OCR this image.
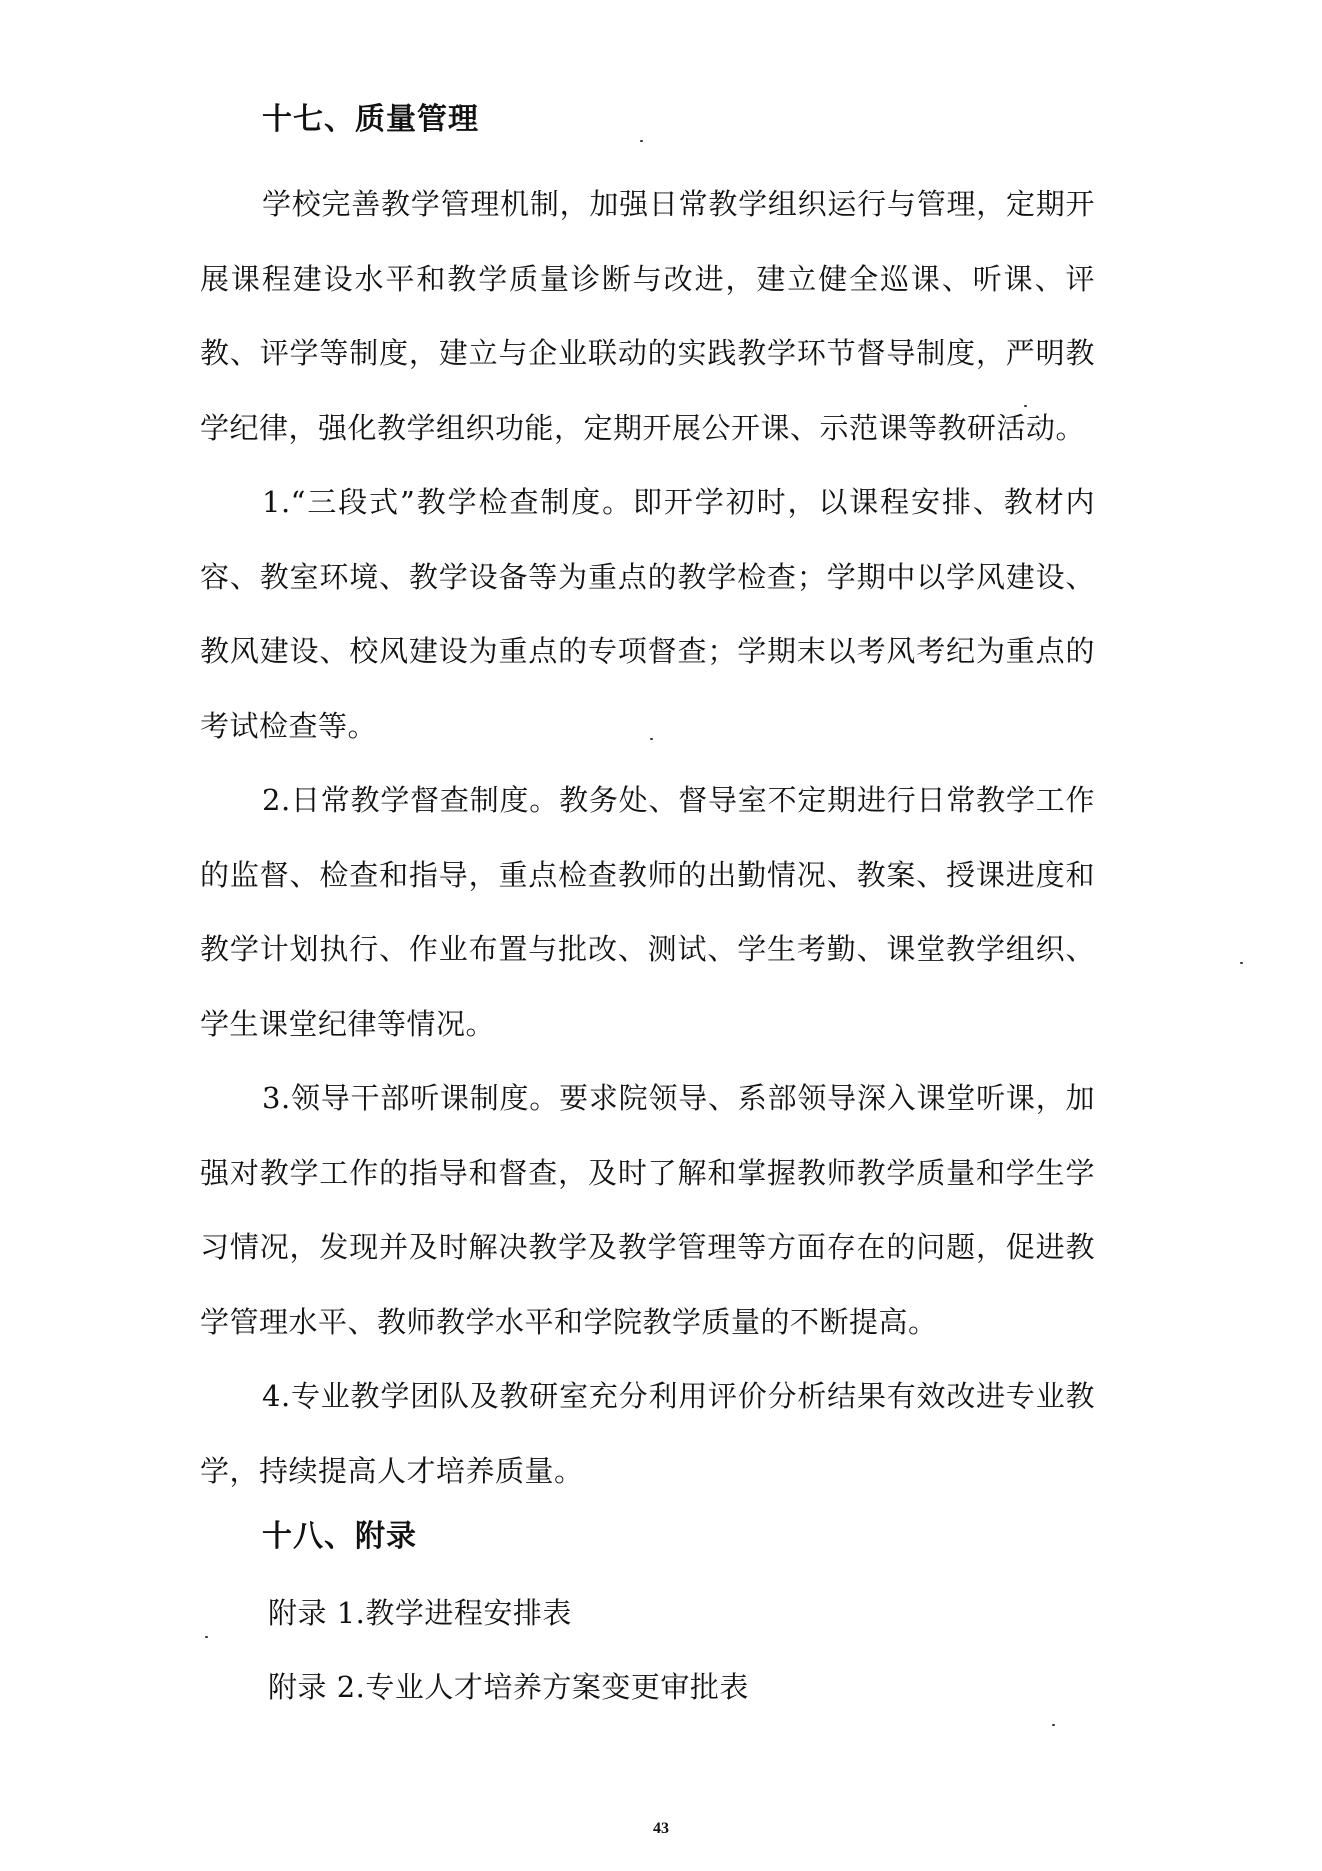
十七、质量管理

学校完善教学管理机制，加强日常教学组织运行与管理，定期开展课程建设水平和教学质量诊断与改进，建立健全巡课、听课、评教、评学等制度，建立与企业联动的实践教学环节督导制度，严明教学纪律，强化教学组织功能，定期开展公开课、示范课等教研活动。

1.“三段式”教学检查制度。即开学初时，以课程安排、教材内容、教室环境、教学设备等为重点的教学检查；学期中以学风建设、教风建设、校风建设为重点的专项督查；学期末以考风考纪为重点的考试检查等。

2.日常教学督查制度。教务处、督导室不定期进行日常教学工作的监督、检查和指导，重点检查教师的出勤情况、教案、授课进度和教学计划执行、作业布置与批改、测试、学生考勤、课堂教学组织、学生课堂纪律等情况。

3.领导干部听课制度。要求院领导、系部领导深入课堂听课，加强对教学工作的指导和督查，及时了解和掌握教师教学质量和学生学习情况，发现并及时解决教学及教学管理等方面存在的问题，促进教学管理水平、教师教学水平和学院教学质量的不断提高。

4.专业教学团队及教研室充分利用评价分析结果有效改进专业教学，持续提高人才培养质量。

十八、附录

附录 1.教学进程安排表

附录 2.专业人才培养方案变更审批表

43
